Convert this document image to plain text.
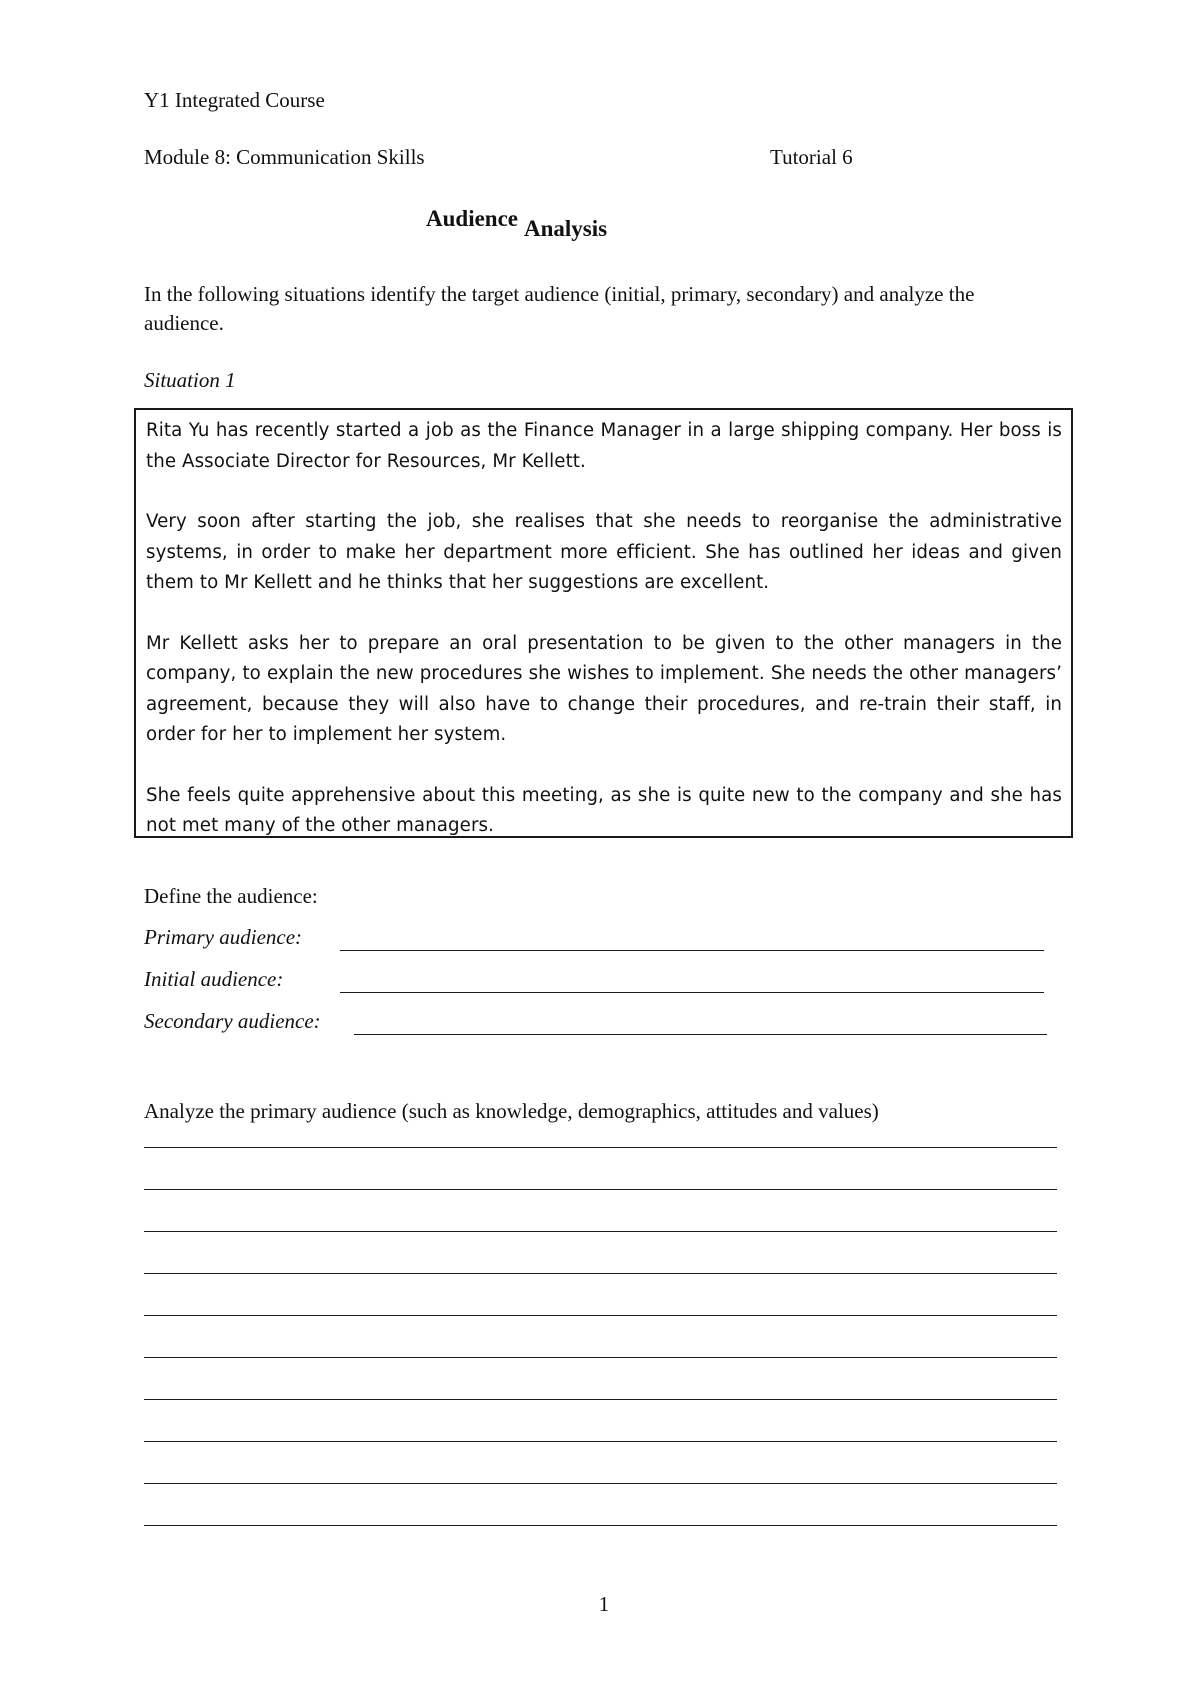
Y1 Integrated Course
Module 8: Communication Skills	Tutorial 6
Audience Analysis
In the following situations identify the target audience (initial, primary, secondary) and analyze the audience.
Situation 1

Rita Yu has recently started a job as the Finance Manager in a large shipping company. Her boss is the Associate Director for Resources, Mr Kellett.

Very soon after starting the job, she realises that she needs to reorganise the administrative systems, in order to make her department more efficient. She has outlined her ideas and given them to Mr Kellett and he thinks that her suggestions are excellent.

Mr Kellett asks her to prepare an oral presentation to be given to the other managers in the company, to explain the new procedures she wishes to implement. She needs the other managers’ agreement, because they will also have to change their procedures, and re-train their staff, in order for her to implement her system.

She feels quite apprehensive about this meeting, as she is quite new to the company and she has not met many of the other managers.

Define the audience:
Primary audience:
Initial audience:
Secondary audience:
Analyze the primary audience (such as knowledge, demographics, attitudes and values)
1
